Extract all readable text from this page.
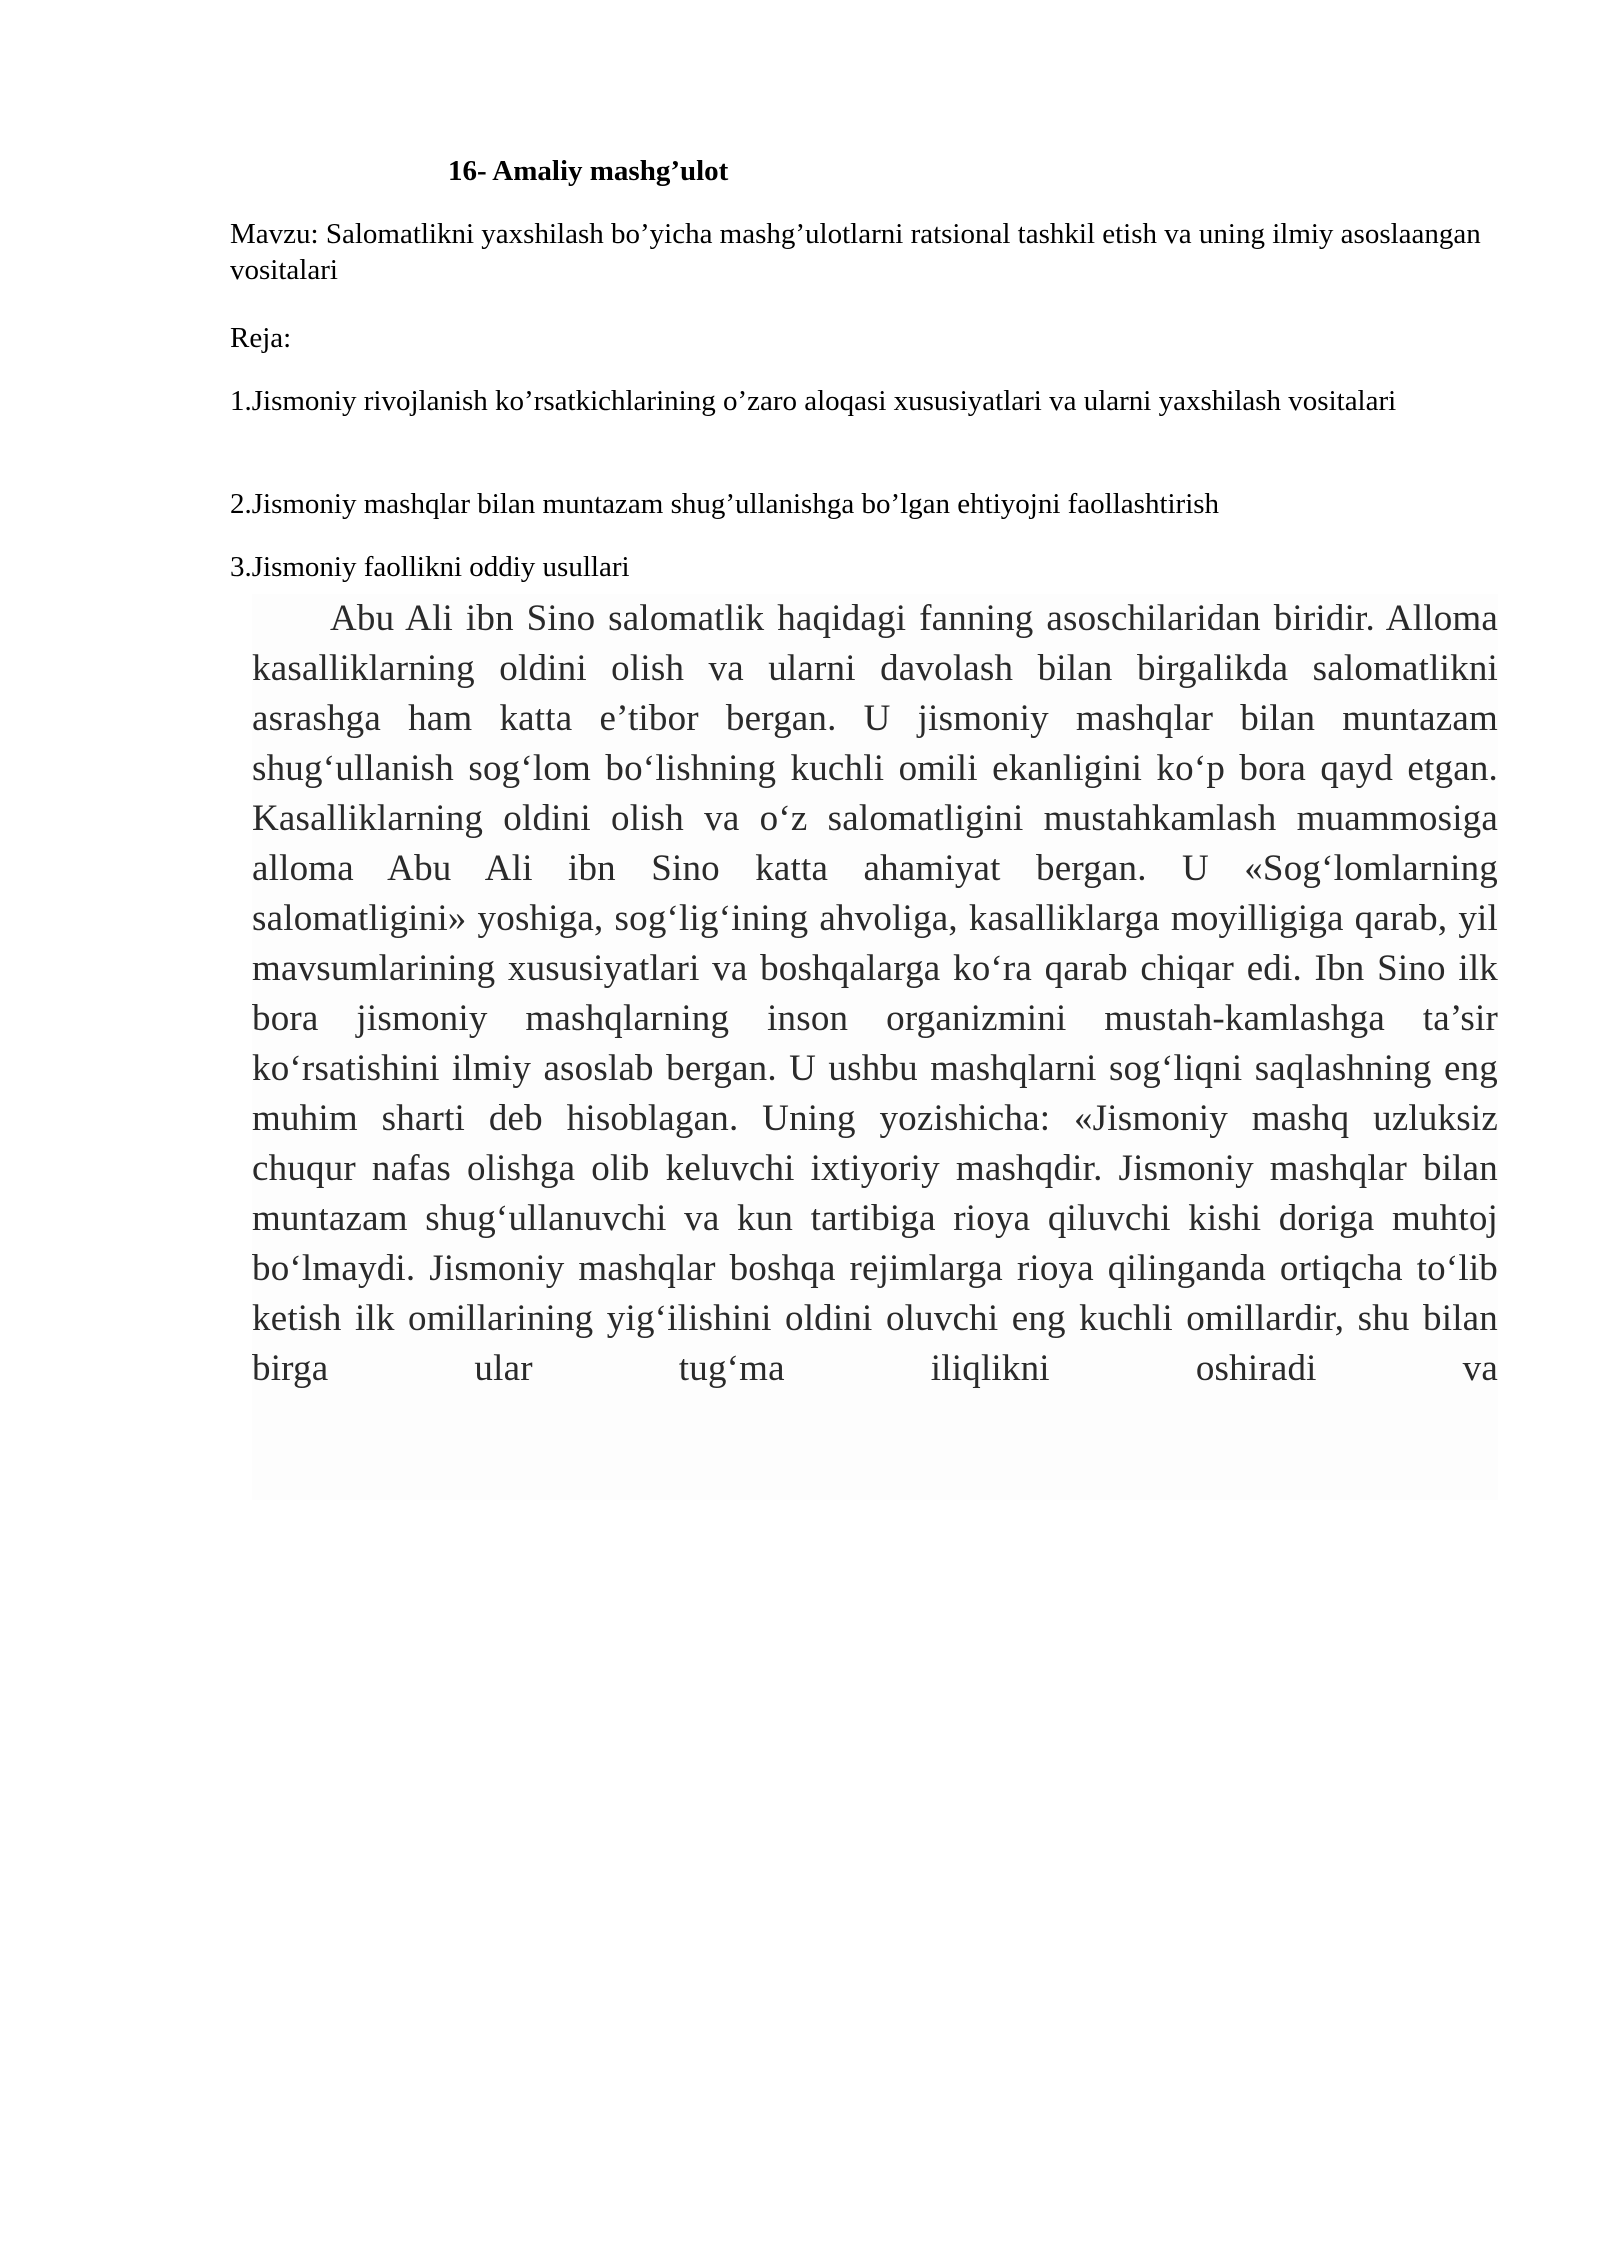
16- Amaliy mashg’ulot

Mavzu: Salomatlikni yaxshilash bo’yicha mashg’ulotlarni ratsional tashkil etish va uning ilmiy asoslaangan vositalari

Reja:

1.Jismoniy rivojlanish ko’rsatkichlarining o’zaro aloqasi xususiyatlari va ularni yaxshilash vositalari

2.Jismoniy mashqlar bilan muntazam shug’ullanishga bo’lgan ehtiyojni faollashtirish

3.Jismoniy faollikni oddiy usullari

Abu Ali ibn Sino salomatlik haqidagi fanning asoschilaridan biridir. Alloma kasalliklarning oldini olish va ularni davolash bilan birgalikda salomatlikni asrashga ham katta e’tibor bergan. U jismoniy mashqlar bilan muntazam shug‘ullanish sog‘lom bo‘lishning kuchli omili ekanligini ko‘p bora qayd etgan. Kasalliklarning oldini olish va o‘z salomatligini mustahkamlash muammosiga alloma Abu Ali ibn Sino katta ahamiyat bergan. U «Sog‘lomlarning salomatligini» yoshiga, sog‘lig‘ining ahvoliga, kasalliklarga moyilligiga qarab, yil mavsumlarining xususiyatlari va boshqalarga ko‘ra qarab chiqar edi. Ibn Sino ilk bora jismoniy mashqlarning inson organizmini mustah-kamlashga ta’sir ko‘rsatishini ilmiy asoslab bergan. U ushbu mashqlarni sog‘liqni saqlashning eng muhim sharti deb hisoblagan. Uning yozishicha: «Jismoniy mashq uzluksiz chuqur nafas olishga olib keluvchi ixtiyoriy mashqdir. Jismoniy mashqlar bilan muntazam shug‘ullanuvchi va kun tartibiga rioya qiluvchi kishi doriga muhtoj bo‘lmaydi. Jismoniy mashqlar boshqa rejimlarga rioya qilinganda ortiqcha to‘lib ketish ilk omillarining yig‘ilishini oldini oluvchi eng kuchli omillardir, shu bilan birga ular tug‘ma iliqlikni oshiradi va
